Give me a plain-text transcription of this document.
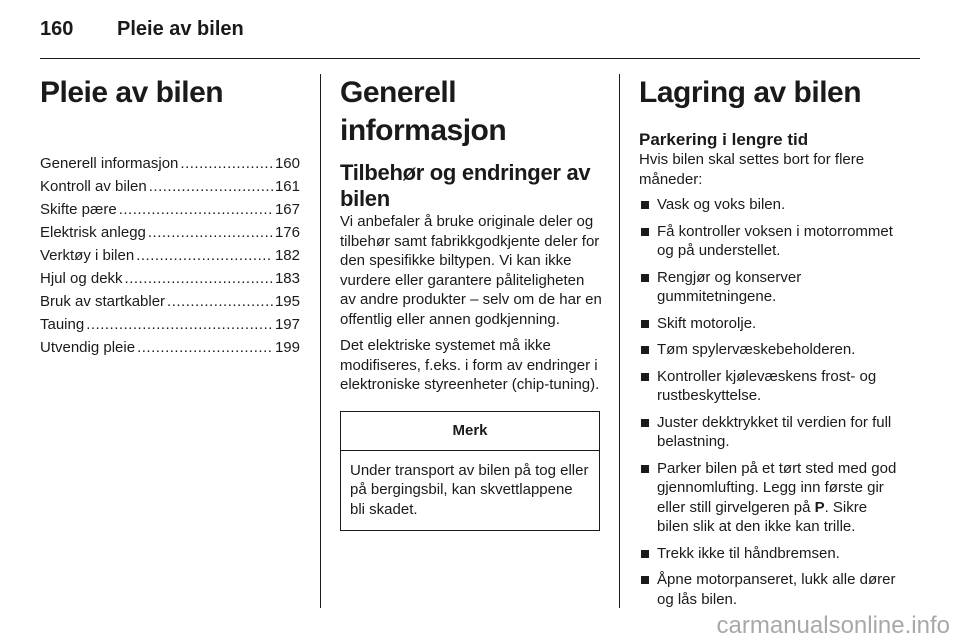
160 Pleie av bilen
Pleie av bilen
Generell informasjon .....	160
Kontroll av bilen .....	161
Skifte pære .....	167
Elektrisk anlegg .....	176
Verktøy i bilen .....	182
Hjul og dekk .....	183
Bruk av startkabler .....	195
Tauing .....	197
Utvendig pleie .....	199
Generell informasjon
Tilbehør og endringer av bilen

Vi anbefaler å bruke originale deler og tilbehør samt fabrikkgodkjente deler for den spesifikke biltypen. Vi kan ikke vurdere eller garantere påliteligheten av andre produkter – selv om de har en offentlig eller annen godkjenning.

Det elektriske systemet må ikke modifiseres, f.eks. i form av endringer i elektroniske styreenheter (chip-tuning).

Merk

Under transport av bilen på tog eller på bergingsbil, kan skvettlappene bli skadet.

Lagring av bilen
Parkering i lengre tid

Hvis bilen skal settes bort for flere måneder:

Vask og voks bilen.
Få kontroller voksen i motorrommet og på understellet.
Rengjør og konserver gummitetningene.
Skift motorolje.
Tøm spylervæskebeholderen.
Kontroller kjølevæskens frost- og rustbeskyttelse.
Juster dekktrykket til verdien for full belastning.
Parker bilen på et tørt sted med god gjennomlufting. Legg inn første gir eller still girvelgeren på P. Sikre bilen slik at den ikke kan trille.
Trekk ikke til håndbremsen.
Åpne motorpanseret, lukk alle dører og lås bilen.
carmanualsonline.info
